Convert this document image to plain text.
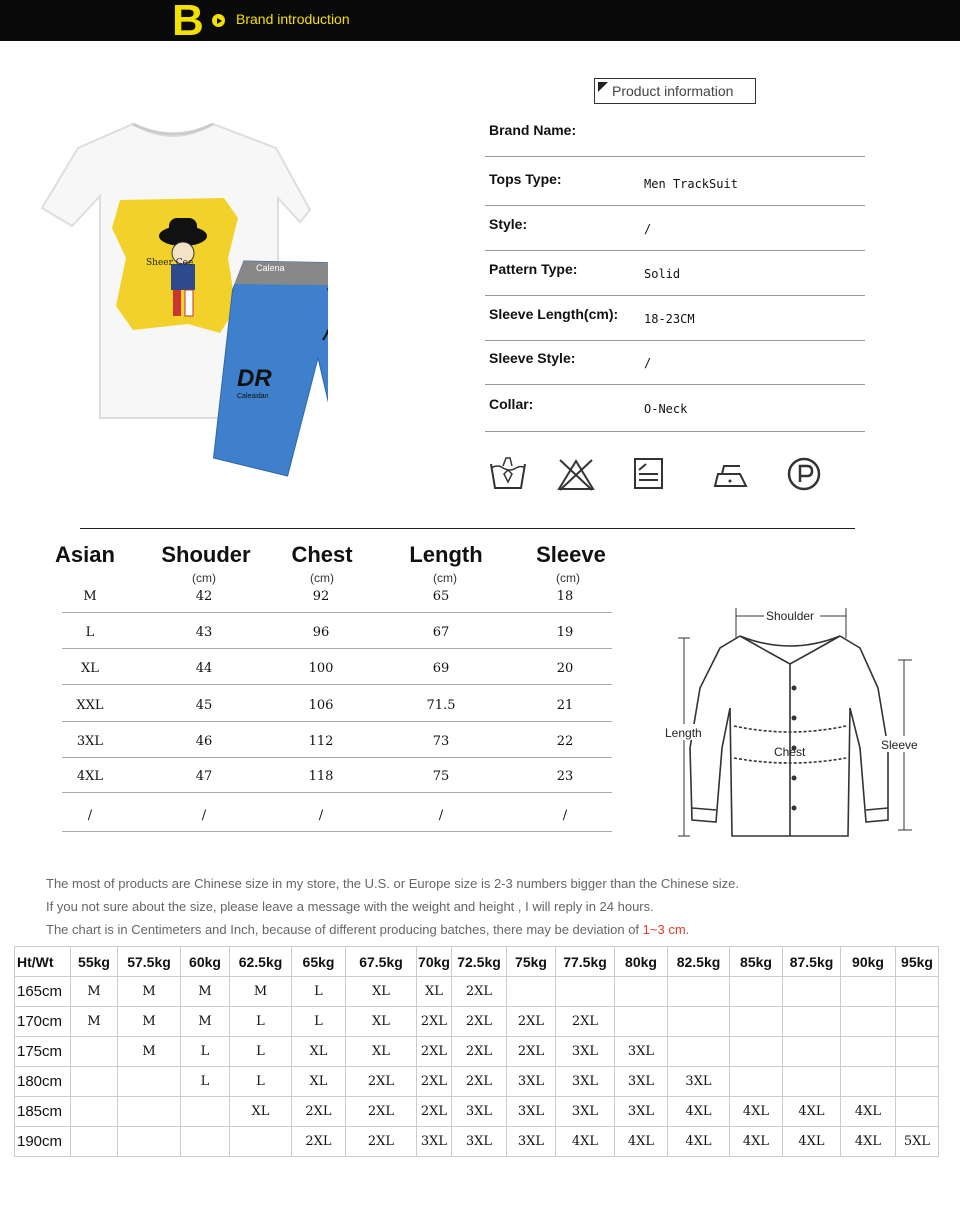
B Brand introduction
Sheer Cee	Calena
DR
Caleaidan
Product information
Brand Name:
Tops Type:	Men TrackSuit
Style:	/
Pattern Type:	Solid
Sleeve Length(cm): 18-23CM
Sleeve Style:	/
Collar:	O-Neck
Asian	Shouder	Chest	Length	Sleeve
(cm)	(cm)	(cm)	(cm)
M	42	92	65	18
L	43	96	67	19
XL	44	100	69	20
XXL	45	106	71.5	21
3XL	46	112	73	22
4XL	47	118	75	23
/	/	/	/	/
Shoulder
Length
Chest	Sleeve
The most of products are Chinese size in my store, the U.S. or Europe size is 2-3 numbers bigger than the Chinese size.
If you not sure about the size, please leave a message with the weight and height , I will reply in 24 hours.
The chart is in Centimeters and Inch, because of different producing batches, there may be deviation of 1~3 cm.
Ht/Wt	55kg	57.5kg	60kg	62.5kg	65kg	67.5kg	70kg	72.5kg	75kg	77.5kg	80kg	82.5kg	85kg	87.5kg	90kg	95kg
165cm	M	M	M	M	L	XL	XL	2XL								
170cm	M	M	M	L	L	XL	2XL	2XL	2XL	2XL						
175cm		M	L	L	XL	XL	2XL	2XL	2XL	3XL	3XL					
180cm			L	L	XL	2XL	2XL	2XL	3XL	3XL	3XL	3XL				
185cm				XL	2XL	2XL	2XL	3XL	3XL	3XL	3XL	4XL	4XL	4XL	4XL	
190cm					2XL	2XL	3XL	3XL	3XL	4XL	4XL	4XL	4XL	4XL	4XL	5XL
